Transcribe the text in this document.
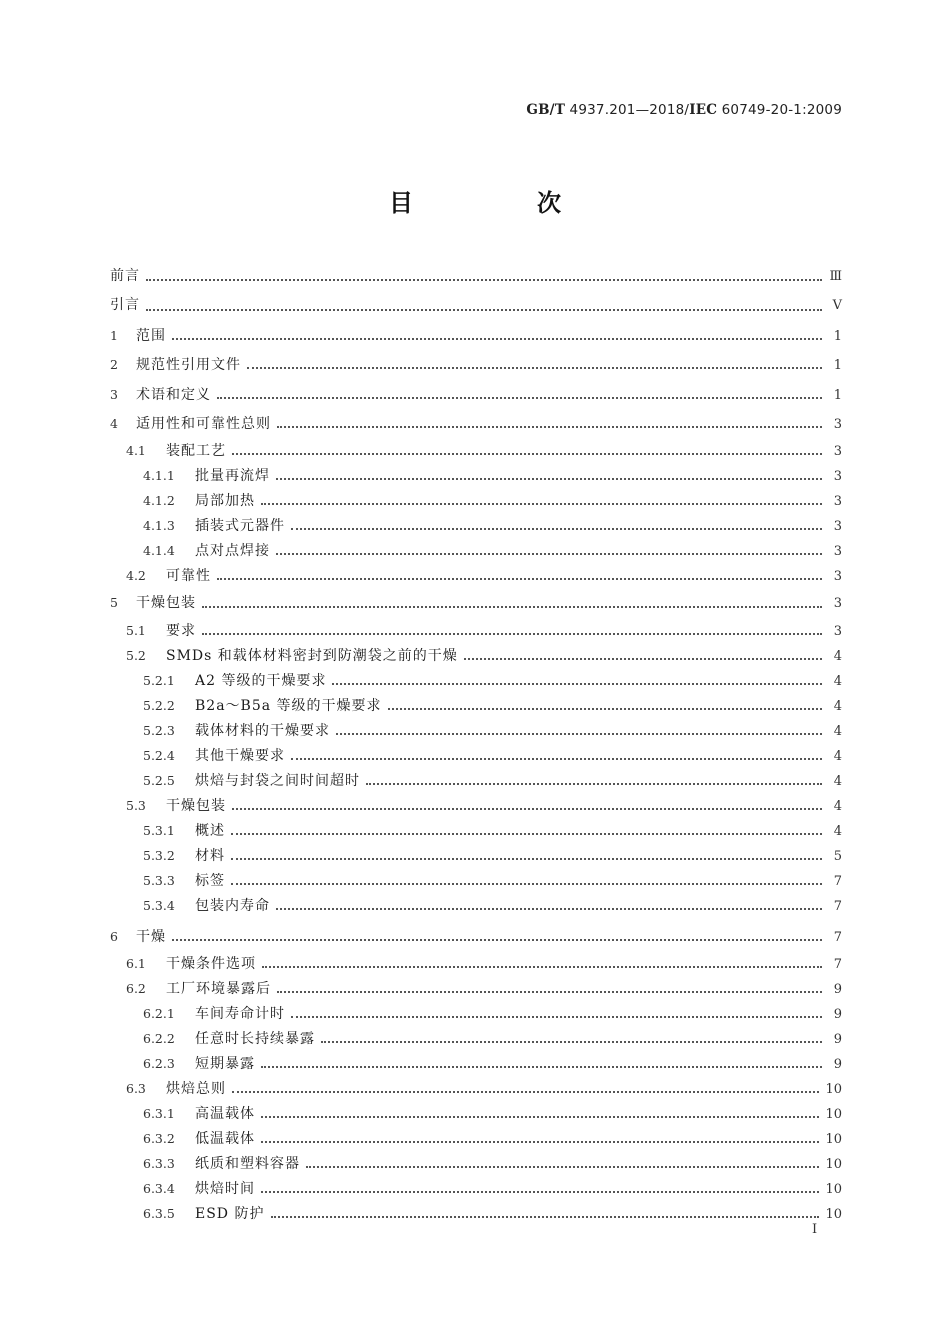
GB/T 4937.201—2018/IEC 60749-20-1:2009
目　次
前言	Ⅲ
引言	Ⅴ
1	范围	1
2	规范性引用文件	1
3	术语和定义	1
4	适用性和可靠性总则	3
4.1	装配工艺	3
4.1.1	批量再流焊	3
4.1.2	局部加热	3
4.1.3	插装式元器件	3
4.1.4	点对点焊接	3
4.2	可靠性	3
5	干燥包装	3
5.1	要求	3
5.2	SMDs 和载体材料密封到防潮袋之前的干燥	4
5.2.1	A2 等级的干燥要求	4
5.2.2	B2a～B5a 等级的干燥要求	4
5.2.3	载体材料的干燥要求	4
5.2.4	其他干燥要求	4
5.2.5	烘焙与封袋之间时间超时	4
5.3	干燥包装	4
5.3.1	概述	4
5.3.2	材料	5
5.3.3	标签	7
5.3.4	包装内寿命	7
6	干燥	7
6.1	干燥条件选项	7
6.2	工厂环境暴露后	9
6.2.1	车间寿命计时	9
6.2.2	任意时长持续暴露	9
6.2.3	短期暴露	9
6.3	烘焙总则	10
6.3.1	高温载体	10
6.3.2	低温载体	10
6.3.3	纸质和塑料容器	10
6.3.4	烘焙时间	10
6.3.5	ESD 防护	10
Ⅰ
